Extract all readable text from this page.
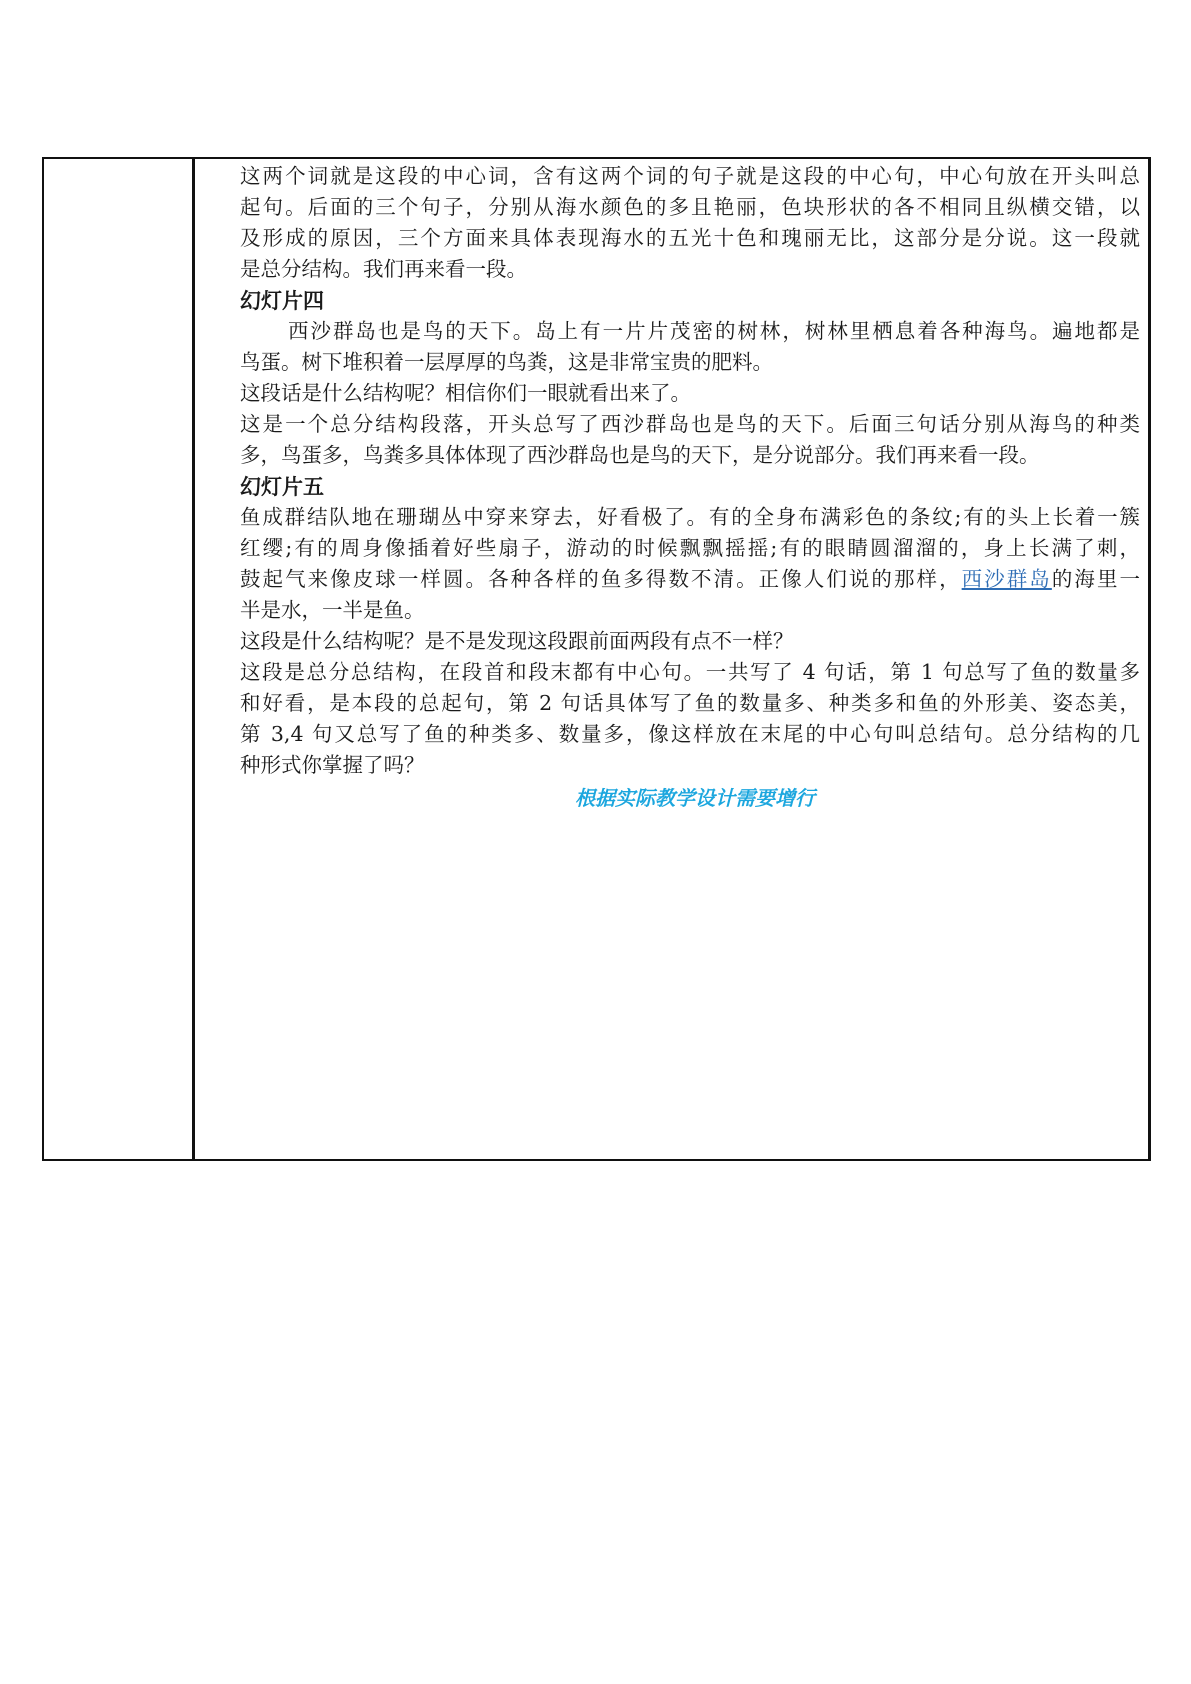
这两个词就是这段的中心词，含有这两个词的句子就是这段的中心句，中心句放在开头叫总

起句。后面的三个句子，分别从海水颜色的多且艳丽，色块形状的各不相同且纵横交错，以

及形成的原因，三个方面来具体表现海水的五光十色和瑰丽无比，这部分是分说。这一段就

是总分结构。我们再来看一段。

幻灯片四

西沙群岛也是鸟的天下。岛上有一片片茂密的树林，树林里栖息着各种海鸟。遍地都是

鸟蛋。树下堆积着一层厚厚的鸟粪，这是非常宝贵的肥料。

这段话是什么结构呢？相信你们一眼就看出来了。

这是一个总分结构段落，开头总写了西沙群岛也是鸟的天下。后面三句话分别从海鸟的种类

多，鸟蛋多，鸟粪多具体体现了西沙群岛也是鸟的天下，是分说部分。我们再来看一段。

幻灯片五

鱼成群结队地在珊瑚丛中穿来穿去，好看极了。有的全身布满彩色的条纹;有的头上长着一簇

红缨;有的周身像插着好些扇子，游动的时候飘飘摇摇;有的眼睛圆溜溜的，身上长满了刺，

鼓起气来像皮球一样圆。各种各样的鱼多得数不清。正像人们说的那样，西沙群岛的海里一

半是水，一半是鱼。

这段是什么结构呢？是不是发现这段跟前面两段有点不一样？

这段是总分总结构，在段首和段末都有中心句。一共写了 4 句话，第 1 句总写了鱼的数量多

和好看，是本段的总起句，第 2 句话具体写了鱼的数量多、种类多和鱼的外形美、姿态美，

第 3,4 句又总写了鱼的种类多、数量多，像这样放在末尾的中心句叫总结句。总分结构的几

种形式你掌握了吗？

根据实际教学设计需要增行
